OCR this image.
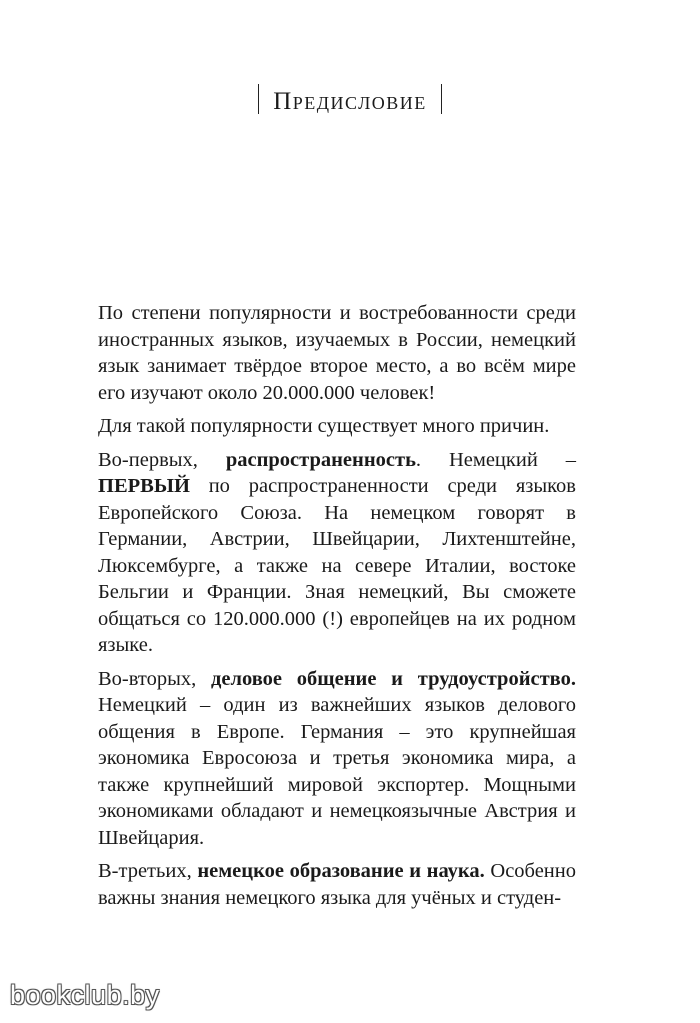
Предисловие

По степени популярности и востребованности среди иностранных языков, изучаемых в России, немецкий язык занимает твёрдое второе место, а во всём мире его изучают около 20.000.000 человек!

Для такой популярности существует много причин.

Во-первых, распространенность. Немецкий – ПЕРВЫЙ по распространенности среди языков Европейского Союза. На немецком говорят в Германии, Австрии, Швейцарии, Лихтенштейне, Люксембурге, а также на севере Италии, востоке Бельгии и Франции. Зная немецкий, Вы сможете общаться со 120.000.000 (!) европейцев на их родном языке.

Во-вторых, деловое общение и трудоустройство. Немецкий – один из важнейших языков делового общения в Европе. Германия – это крупнейшая экономика Евросоюза и третья экономика мира, а также крупнейший мировой экспортер. Мощными экономиками обладают и немецкоязычные Австрия и Швейцария.

В-третьих, немецкое образование и наука. Особенно важны знания немецкого языка для учёных и студен-

bookclub.by
